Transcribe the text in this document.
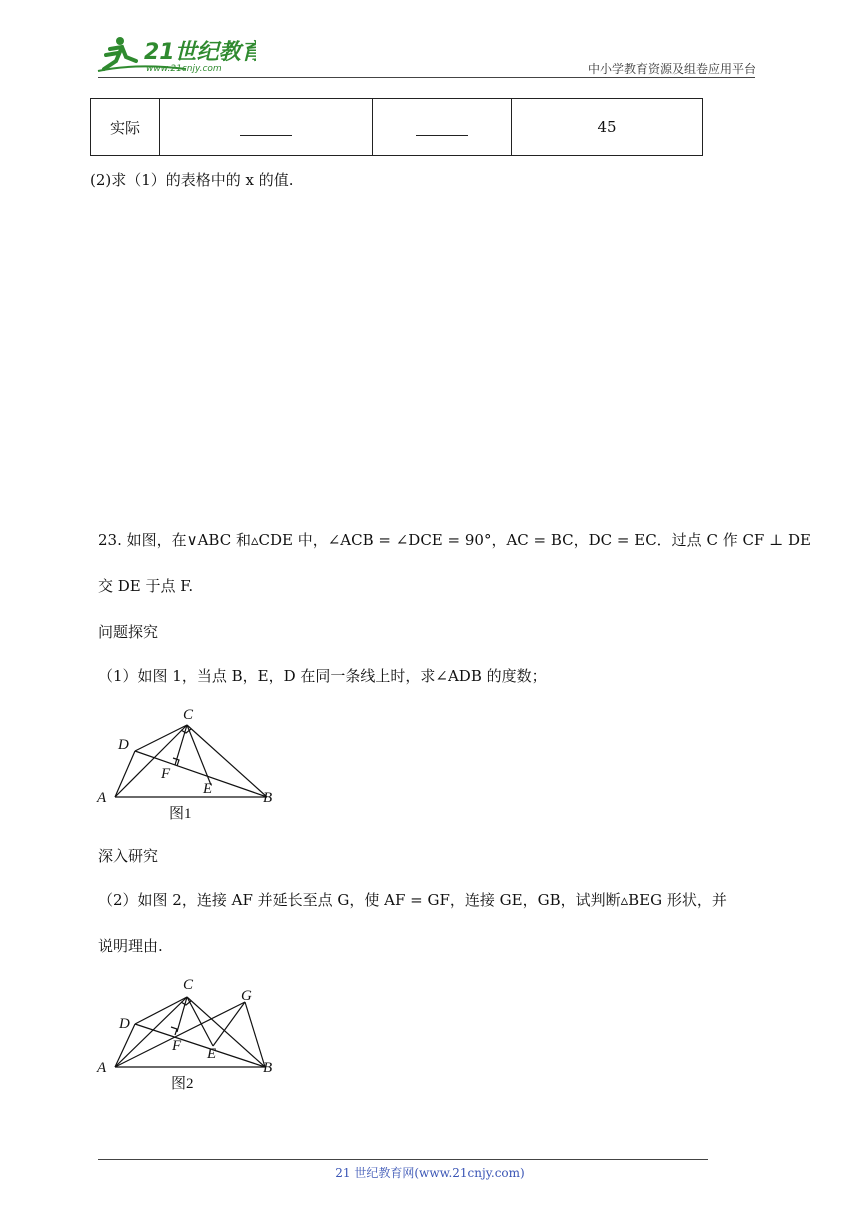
21世纪教育
www.21cnjy.com	中小学教育资源及组卷应用平台
实际			45
(2)求（1）的表格中的 x 的值.
23. 如图，在∨ABC 和▵CDE 中，∠ACB = ∠DCE = 90°，AC = BC，DC = EC．过点 C 作 CF ⊥ DE
交 DE 于点 F.
问题探究
（1）如图 1，当点 B，E，D 在同一条线上时，求∠ADB 的度数；
A	B
C
D
E
F
图1
深入研究
（2）如图 2，连接 AF 并延长至点 G，使 AF = GF，连接 GE，GB，试判断▵BEG 形状，并
说明理由.
A	B
C
D
E
F
G
图2
21 世纪教育网(www.21cnjy.com)
